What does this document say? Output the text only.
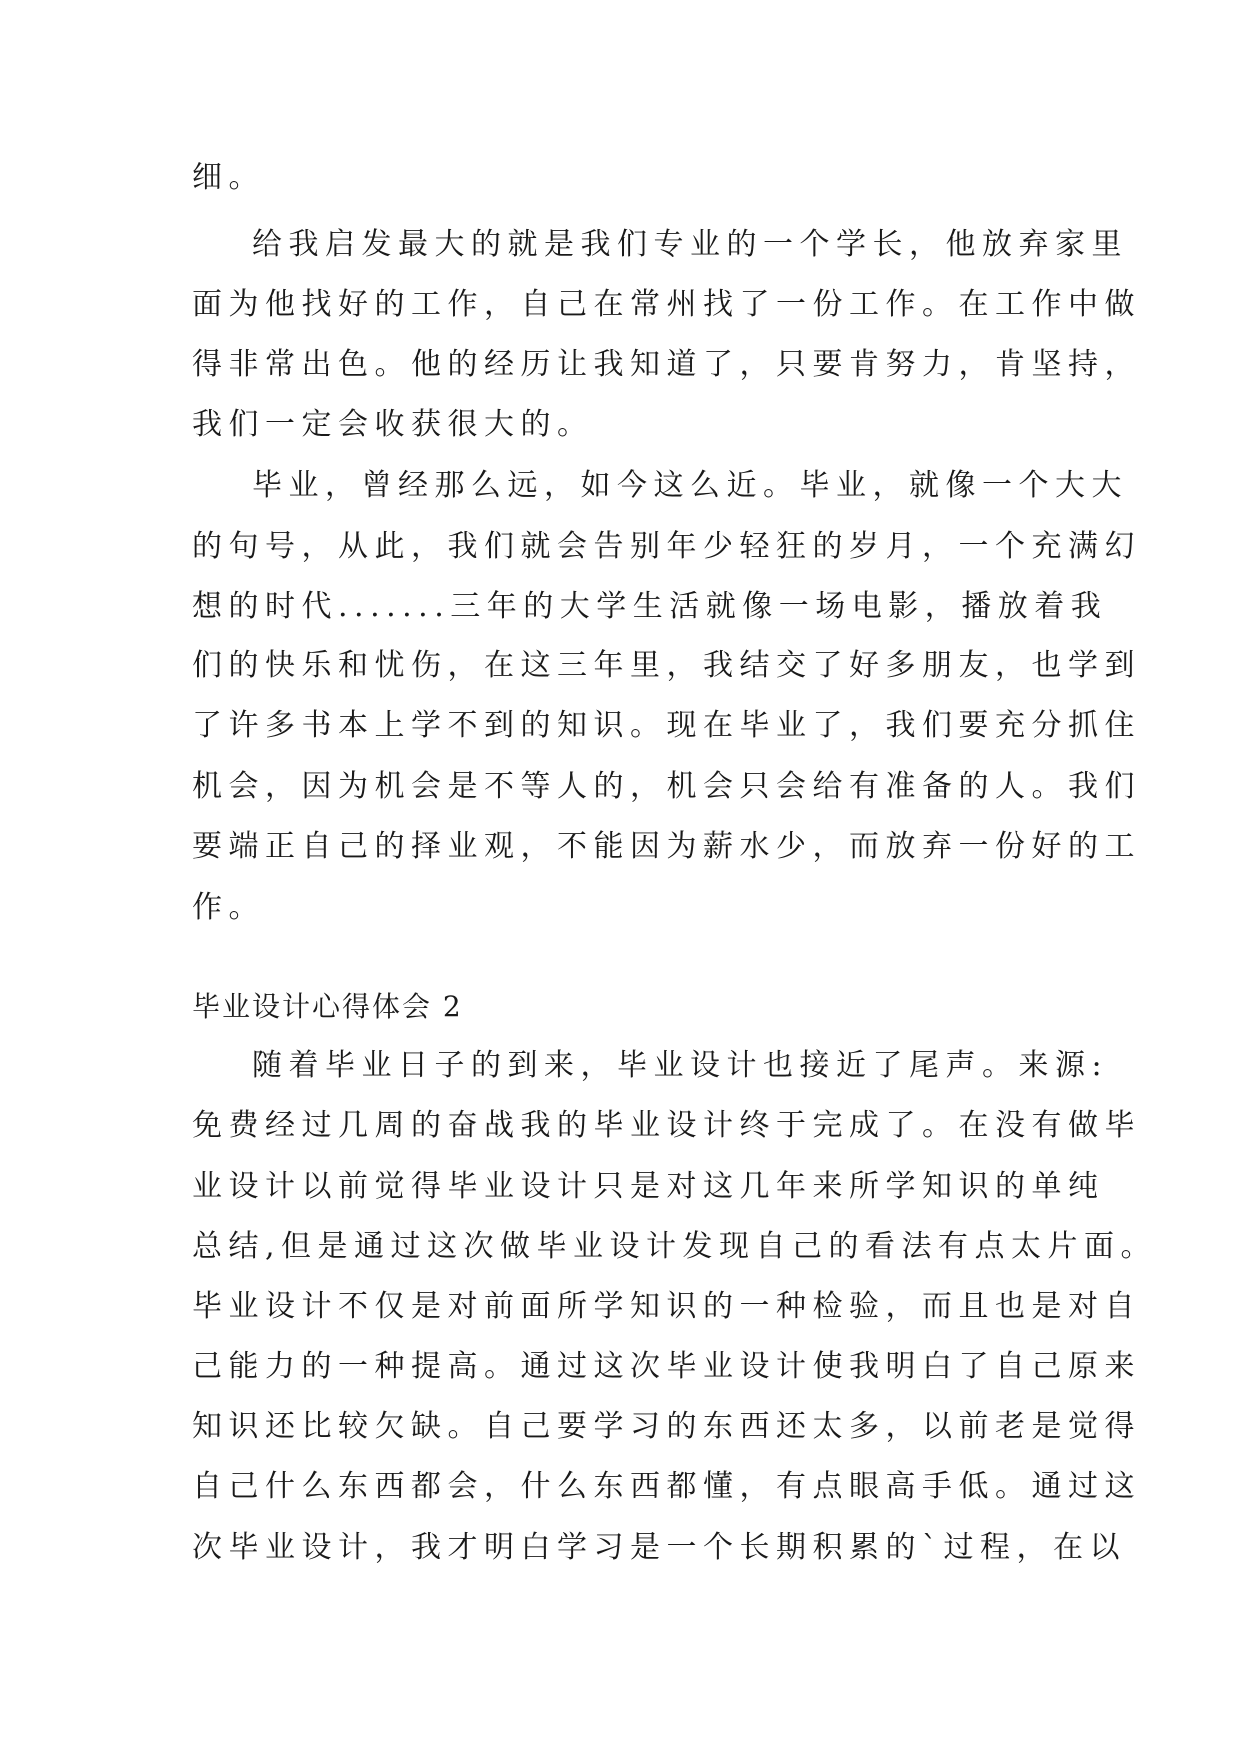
细。
给我启发最大的就是我们专业的一个学长，他放弃家里
面为他找好的工作，自己在常州找了一份工作。在工作中做
得非常出色。他的经历让我知道了，只要肯努力，肯坚持，
我们一定会收获很大的。
毕业，曾经那么远，如今这么近。毕业，就像一个大大
的句号，从此，我们就会告别年少轻狂的岁月，一个充满幻
想的时代.......三年的大学生活就像一场电影，播放着我
们的快乐和忧伤，在这三年里，我结交了好多朋友，也学到
了许多书本上学不到的知识。现在毕业了，我们要充分抓住
机会，因为机会是不等人的，机会只会给有准备的人。我们
要端正自己的择业观，不能因为薪水少，而放弃一份好的工
作。
毕业设计心得体会 2
随着毕业日子的到来，毕业设计也接近了尾声。来源:
免费经过几周的奋战我的毕业设计终于完成了。在没有做毕
业设计以前觉得毕业设计只是对这几年来所学知识的单纯
总结,但是通过这次做毕业设计发现自己的看法有点太片面。
毕业设计不仅是对前面所学知识的一种检验，而且也是对自
己能力的一种提高。通过这次毕业设计使我明白了自己原来
知识还比较欠缺。自己要学习的东西还太多，以前老是觉得
自己什么东西都会，什么东西都懂，有点眼高手低。通过这
次毕业设计，我才明白学习是一个长期积累的`过程，在以
